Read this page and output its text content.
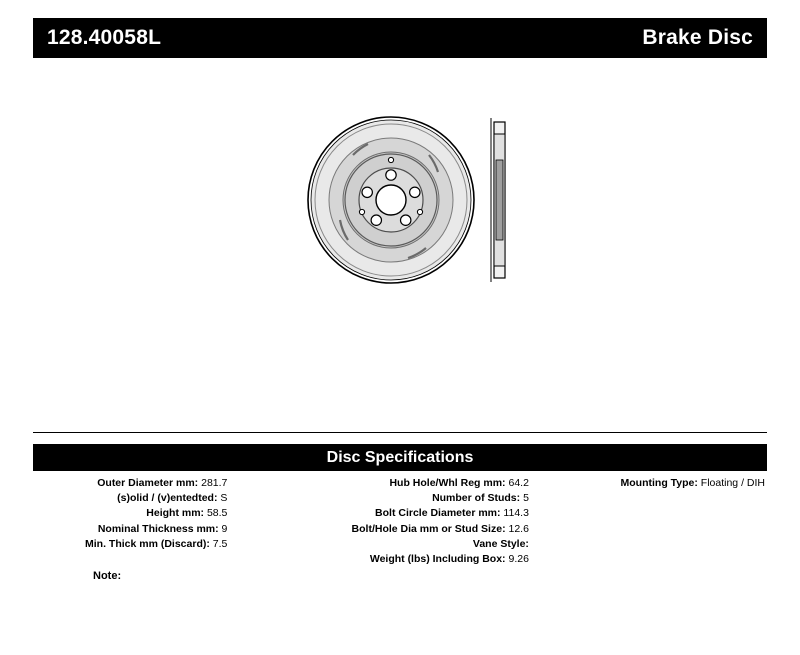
128.40058L	Brake Disc
Disc Specifications
Outer Diameter mm: 281.7
(s)olid / (v)entedted: S
Height mm: 58.5
Nominal Thickness mm: 9
Min. Thick mm (Discard): 7.5
Hub Hole/Whl Reg mm: 64.2
Number of Studs: 5
Bolt Circle Diameter mm: 114.3
Bolt/Hole Dia mm or Stud Size: 12.6
Vane Style:
Weight (lbs) Including Box: 9.26
Mounting Type: Floating / DIH
Note:
